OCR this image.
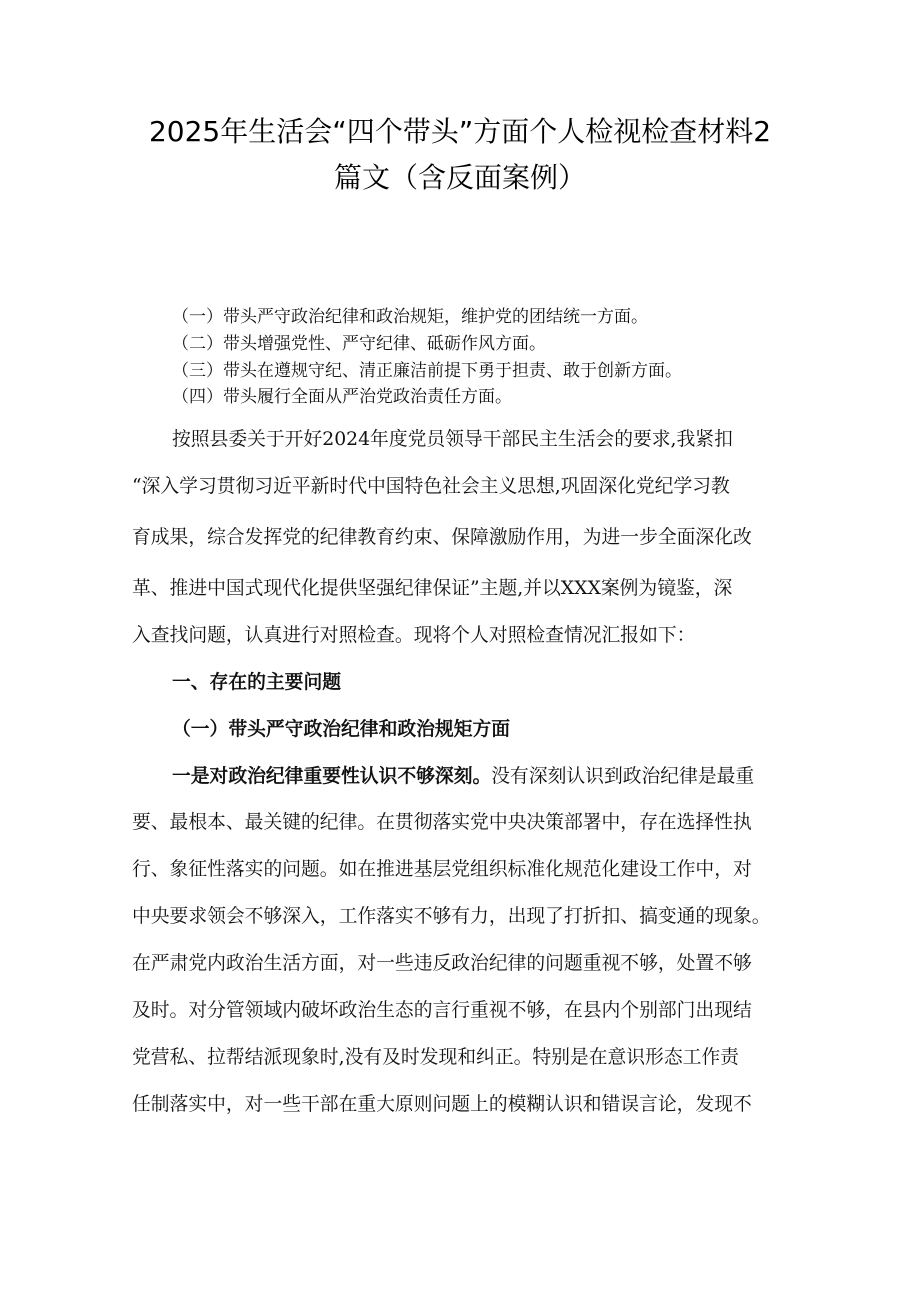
2025年生活会“四个带头”方面个人检视检查材料2
篇文（含反面案例）
（一）带头严守政治纪律和政治规矩，维护党的团结统一方面。
（二）带头增强党性、严守纪律、砥砺作风方面。
（三）带头在遵规守纪、清正廉洁前提下勇于担责、敢于创新方面。
（四）带头履行全面从严治党政治责任方面。
按照县委关于开好2024年度党员领导干部民主生活会的要求,我紧扣
“深入学习贯彻习近平新时代中国特色社会主义思想,巩固深化党纪学习教
育成果，综合发挥党的纪律教育约束、保障激励作用，为进一步全面深化改
革、推进中国式现代化提供坚强纪律保证”主题,并以XXX案例为镜鉴，深
入查找问题，认真进行对照检查。现将个人对照检查情况汇报如下：
一、存在的主要问题
（一）带头严守政治纪律和政治规矩方面
一是对政治纪律重要性认识不够深刻。没有深刻认识到政治纪律是最重
要、最根本、最关键的纪律。在贯彻落实党中央决策部署中，存在选择性执
行、象征性落实的问题。如在推进基层党组织标准化规范化建设工作中，对
中央要求领会不够深入，工作落实不够有力，出现了打折扣、搞变通的现象。
在严肃党内政治生活方面，对一些违反政治纪律的问题重视不够，处置不够
及时。对分管领域内破坏政治生态的言行重视不够，在县内个别部门出现结
党营私、拉帮结派现象时,没有及时发现和纠正。特别是在意识形态工作责
任制落实中，对一些干部在重大原则问题上的模糊认识和错误言论，发现不
